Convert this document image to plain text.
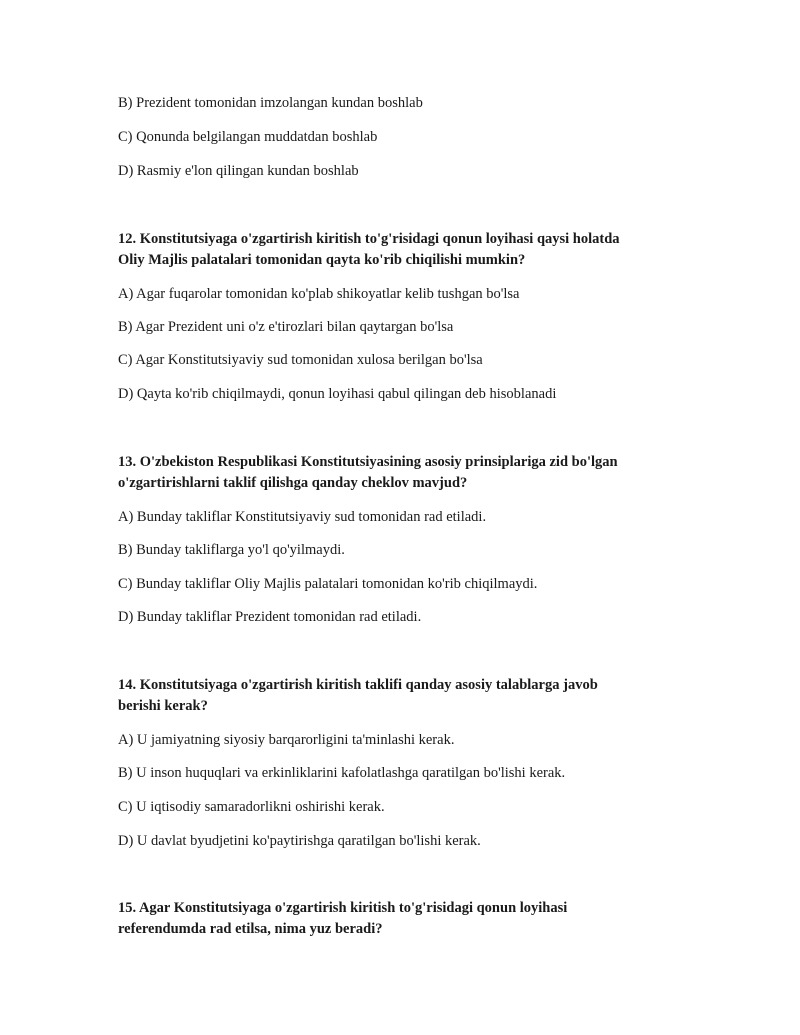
B) Prezident tomonidan imzolangan kundan boshlab
C) Qonunda belgilangan muddatdan boshlab
D) Rasmiy e'lon qilingan kundan boshlab
12. Konstitutsiyaga o'zgartirish kiritish to'g'risidagi qonun loyihasi qaysi holatda
Oliy Majlis palatalari tomonidan qayta ko'rib chiqilishi mumkin?
A) Agar fuqarolar tomonidan ko'plab shikoyatlar kelib tushgan bo'lsa
B) Agar Prezident uni o'z e'tirozlari bilan qaytargan bo'lsa
C) Agar Konstitutsiyaviy sud tomonidan xulosa berilgan bo'lsa
D) Qayta ko'rib chiqilmaydi, qonun loyihasi qabul qilingan deb hisoblanadi
13. O'zbekiston Respublikasi Konstitutsiyasining asosiy prinsiplariga zid bo'lgan
o'zgartirishlarni taklif qilishga qanday cheklov mavjud?
A) Bunday takliflar Konstitutsiyaviy sud tomonidan rad etiladi.
B) Bunday takliflarga yo'l qo'yilmaydi.
C) Bunday takliflar Oliy Majlis palatalari tomonidan ko'rib chiqilmaydi.
D) Bunday takliflar Prezident tomonidan rad etiladi.
14. Konstitutsiyaga o'zgartirish kiritish taklifi qanday asosiy talablarga javob
berishi kerak?
A) U jamiyatning siyosiy barqarorligini ta'minlashi kerak.
B) U inson huquqlari va erkinliklarini kafolatlashga qaratilgan bo'lishi kerak.
C) U iqtisodiy samaradorlikni oshirishi kerak.
D) U davlat byudjetini ko'paytirishga qaratilgan bo'lishi kerak.
15. Agar Konstitutsiyaga o'zgartirish kiritish to'g'risidagi qonun loyihasi
referendumda rad etilsa, nima yuz beradi?
